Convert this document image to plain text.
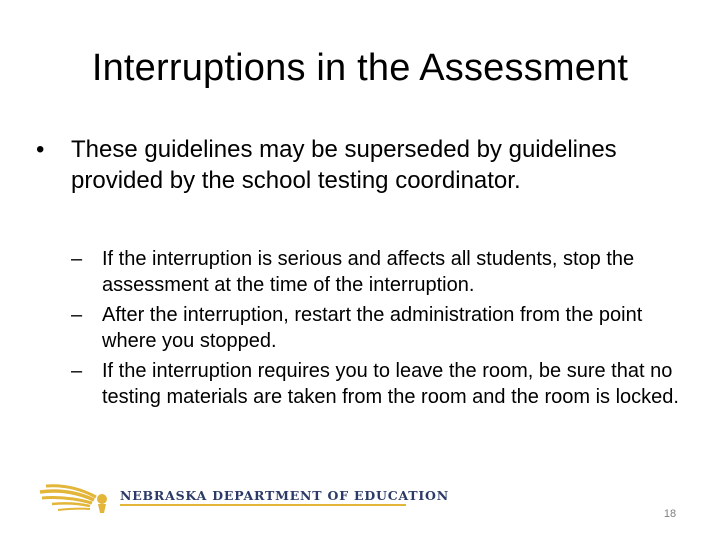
Interruptions in the Assessment
•	These guidelines may be superseded by guidelines provided by the school testing coordinator.
– If the interruption is serious and affects all students, stop the assessment at the time of the interruption.
– After the interruption, restart the administration from the point where you stopped.
– If the interruption requires you to leave the room, be sure that no testing materials are taken from the room and the room is locked.
NEBRASKA DEPARTMENT OF EDUCATION
18
